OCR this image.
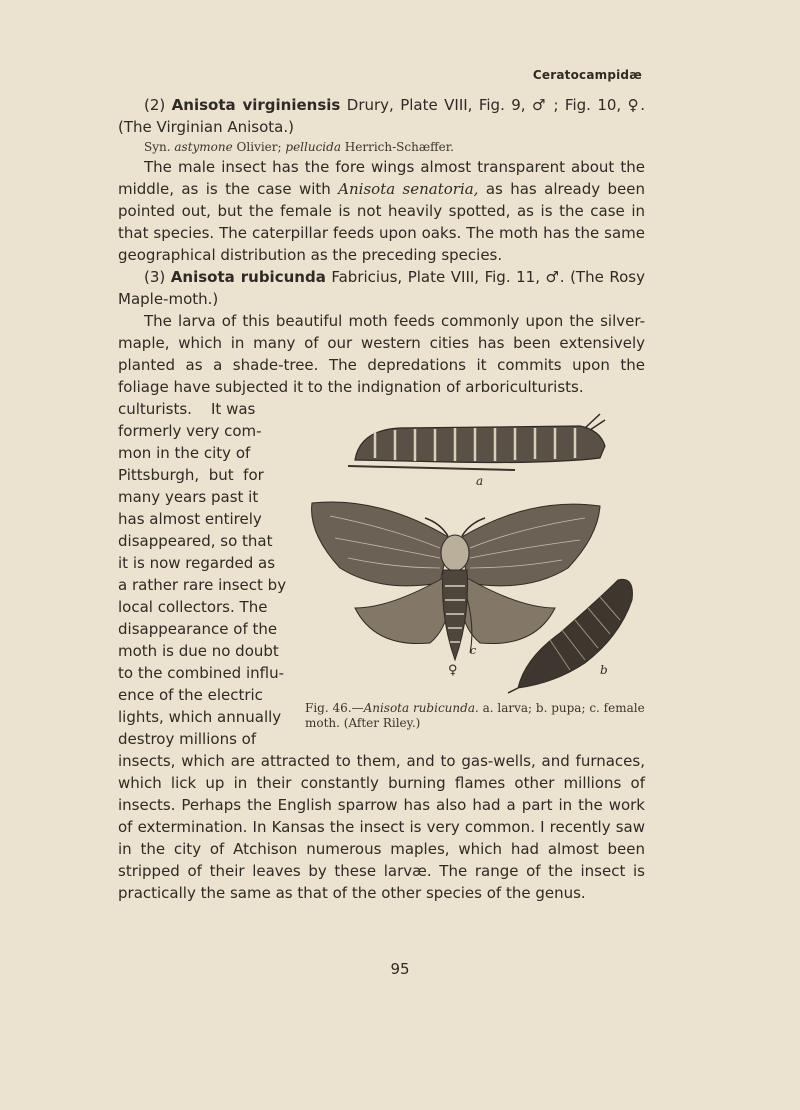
Ceratocampidæ

(2) Anisota virginiensis Drury, Plate VIII, Fig. 9, ♂ ; Fig. 10, ♀. (The Virginian Anisota.)

Syn. astymone Olivier; pellucida Herrich-Schæffer.

The male insect has the fore wings almost transparent about the middle, as is the case with Anisota senatoria, as has already been pointed out, but the female is not heavily spotted, as is the case in that species. The caterpillar feeds upon oaks. The moth has the same geographical distribution as the preceding species.

(3) Anisota rubicunda Fabricius, Plate VIII, Fig. 11, ♂. (The Rosy Maple-moth.)

The larva of this beautiful moth feeds commonly upon the silver-maple, which in many of our western cities has been extensively planted as a shade-tree. The depredations it commits upon the foliage have subjected it to the indignation of arboriculturists.

culturists.    It was

formerly very com-

mon in the city of

Pittsburgh,  but  for

many years past it

has almost entirely

disappeared, so that

it is now regarded as

a rather rare insect by

local collectors. The

disappearance of the

moth is due no doubt

to the combined influ-

ence of the electric

lights, which annually

destroy millions of

a
c
♀	b
Fig. 46.—Anisota rubicunda. a. larva; b. pupa; c. female moth. (After Riley.)

insects, which are attracted to them, and to gas-wells, and furnaces, which lick up in their constantly burning flames other millions of insects. Perhaps the English sparrow has also had a part in the work of extermination. In Kansas the insect is very common. I recently saw in the city of Atchison numerous maples, which had almost been stripped of their leaves by these larvæ. The range of the insect is practically the same as that of the other species of the genus.

95
